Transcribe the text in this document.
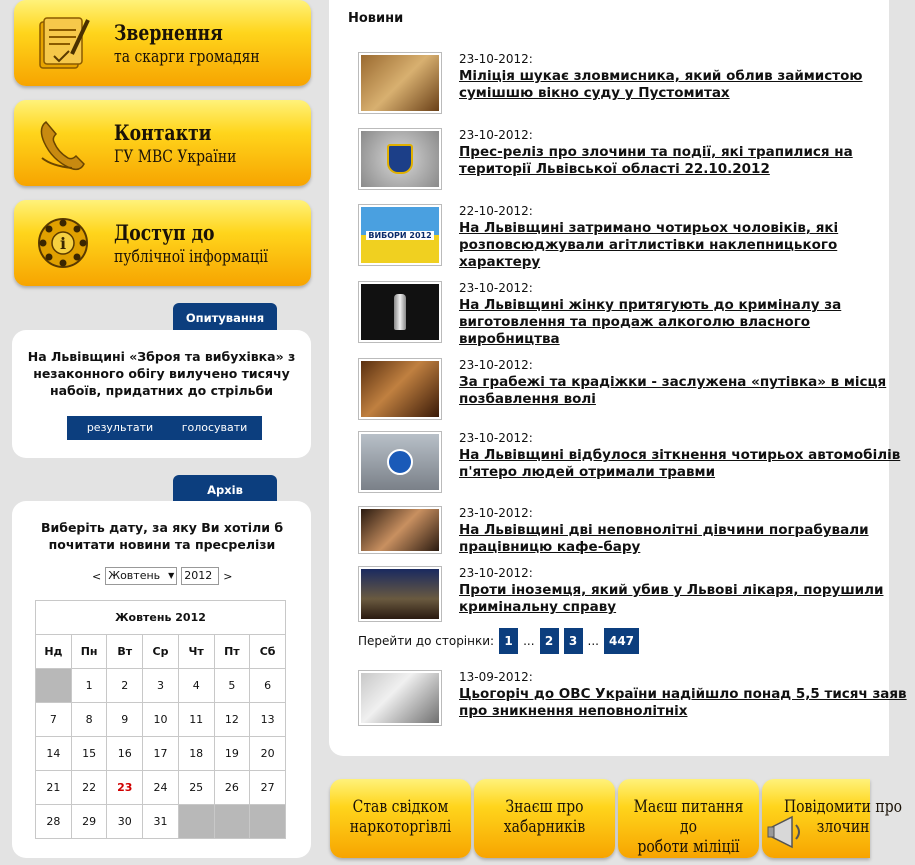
Звернення
та скарги громадян
Контакти
ГУ МВС України
i Доступ до
публічної інформації
Опитування
На Львівщині «Зброя та вибухівка» з незаконного обігу вилучено тисячу набоїв, придатних до стрільби
результати	голосувати
Архів
Виберіть дату, за яку Ви хотіли б почитати новини та пресрелізи
< Жовтень ▼ 2012	>
Жовтень 2012						
Нд	Пн	Вт	Ср	Чт	Пт	Сб
	1	2	3	4	5	6
7	8	9	10	11	12	13
14	15	16	17	18	19	20
21	22	23	24	25	26	27
28	29	30	31			
Новини
23-10-2012:
Міліція шукає зловмисника, який облив займистою
сумішшю вікно суду у Пустомитах
23-10-2012:
Прес-реліз про злочини та події, які трапилися на
території Львівської області 22.10.2012
ВИБОРИ 2012
22-10-2012:
На Львівщині затримано чотирьох чоловіків, які
розповсюджували агітлистівки наклепницького
характеру
23-10-2012:
На Львівщині жінку притягують до криміналу за
виготовлення та продаж алкоголю власного
виробництва
23-10-2012:
За грабежі та крадіжки - заслужена «путівка» в місця
позбавлення волі
23-10-2012:
На Львівщині відбулося зіткнення чотирьох автомобілів
п'ятеро людей отримали травми
23-10-2012:
На Львівщині дві неповнолітні дівчини пограбували
працівницю кафе-бару
23-10-2012:
Проти іноземця, який убив у Львові лікаря, порушили
кримінальну справу
Перейти до сторінки: 1 ... 2	3 ... 447
13-09-2012:
Цьогоріч до ОВС України надійшло понад 5,5 тисяч заяв
про зникнення неповнолітніх
Став свідком
наркоторгівлі
Знаєш про
хабарників
Маєш питання до
роботи міліції
Повідомити про
злочин
